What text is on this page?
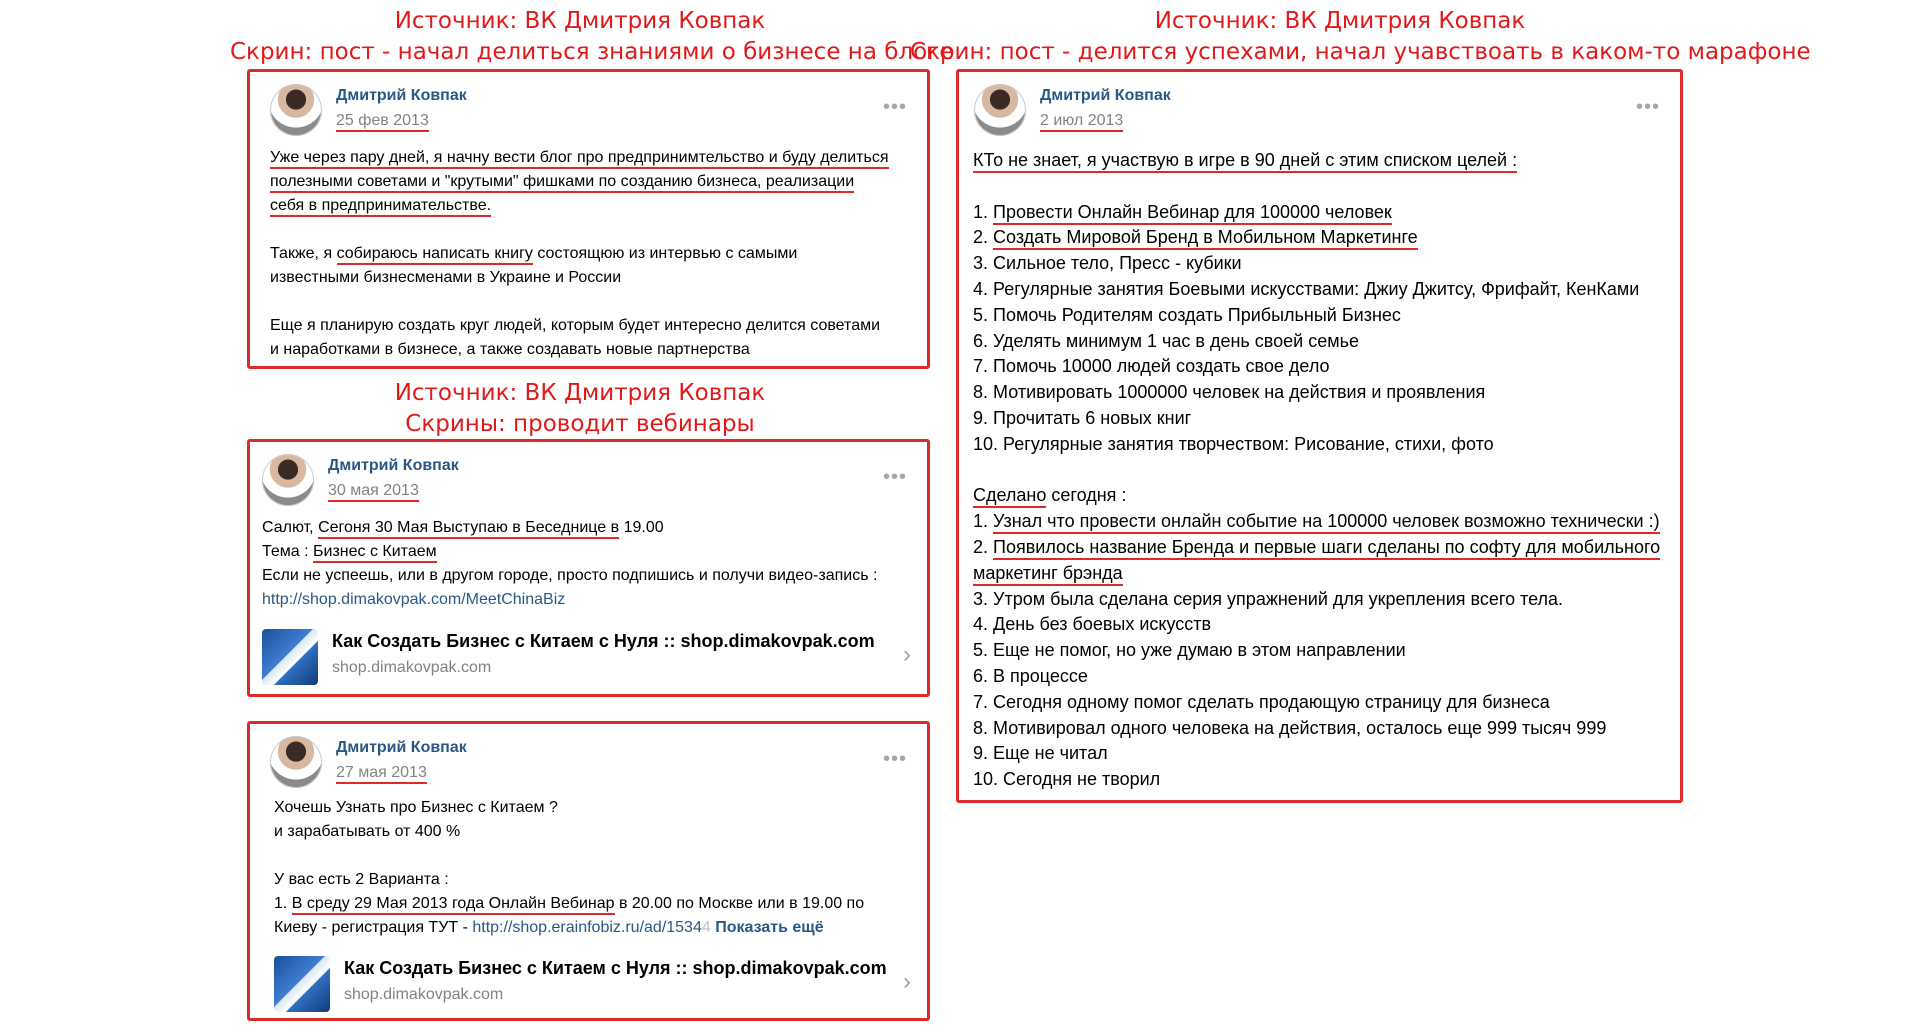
Источник: ВК Дмитрия Ковпак
Скрин: пост - начал делиться знаниями о бизнесе на блоге
Источник: ВК Дмитрия Ковпак
Скрин: пост - делится успехами, начал учавствоать в каком-то марафоне
Источник: ВК Дмитрия Ковпак
Скрины: проводит вебинары
Дмитрий Ковпак
25 фев 2013
•••
Уже через пару дней, я начну вести блог про предпринимтельство и буду делиться
полезными советами и "крутыми" фишками по созданию бизнеса, реализации
себя в предпринимательстве.
Также, я собираюсь написать книгу состоящюю из интервью с самыми
известными бизнесменами в Украине и России
Еще я планирую создать круг людей, которым будет интересно делится советами
и наработками в бизнесе, а также создавать новые партнерства
Дмитрий Ковпак
30 мая 2013
•••
Салют, Сегоня 30 Мая Выступаю в Беседнице в 19.00
Тема : Бизнес с Китаем
Если не успеешь, или в другом городе, просто подпишись и получи видео-запись :
http://shop.dimakovpak.com/MeetChinaBiz
Как Создать Бизнес с Китаем с Нуля :: shop.dimakovpak.com
shop.dimakovpak.com	›
Дмитрий Ковпак
27 мая 2013
•••
Хочешь Узнать про Бизнес с Китаем ?
и зарабатывать от 400 %
У вас есть 2 Варианта :
1. В среду 29 Мая 2013 года Онлайн Вебинар в 20.00 по Москве или в 19.00 по
Киеву - регистрация ТУТ - http://shop.erainfobiz.ru/ad/15344 Показать ещё
Как Создать Бизнес с Китаем с Нуля :: shop.dimakovpak.com
shop.dimakovpak.com	›
Дмитрий Ковпак
2 июл 2013
•••
КТо не знает, я участвую в игре в 90 дней с этим списком целей :
1. Провести Онлайн Вебинар для 100000 человек
2. Создать Мировой Бренд в Мобильном Маркетинге
3. Сильное тело, Пресс - кубики
4. Регулярные занятия Боевыми искусствами: Джиу Джитсу, Фрифайт, КенКами
5. Помочь Родителям создать Прибыльный Бизнес
6. Уделять минимум 1 час в день своей семье
7. Помочь 10000 людей создать свое дело
8. Мотивировать 1000000 человек на действия и проявления
9. Прочитать 6 новых книг
10. Регулярные занятия творчеством: Рисование, стихи, фото
Сделано сегодня :
1. Узнал что провести онлайн событие на 100000 человек возможно технически :)
2. Появилось название Бренда и первые шаги сделаны по софту для мобильного
маркетинг брэнда
3. Утром была сделана серия упражнений для укрепления всего тела.
4. День без боевых искусств
5. Еще не помог, но уже думаю в этом направлении
6. В процессе
7. Сегодня одному помог сделать продающую страницу для бизнеса
8. Мотивировал одного человека на действия, осталось еще 999 тысяч 999
9. Еще не читал
10. Сегодня не творил
